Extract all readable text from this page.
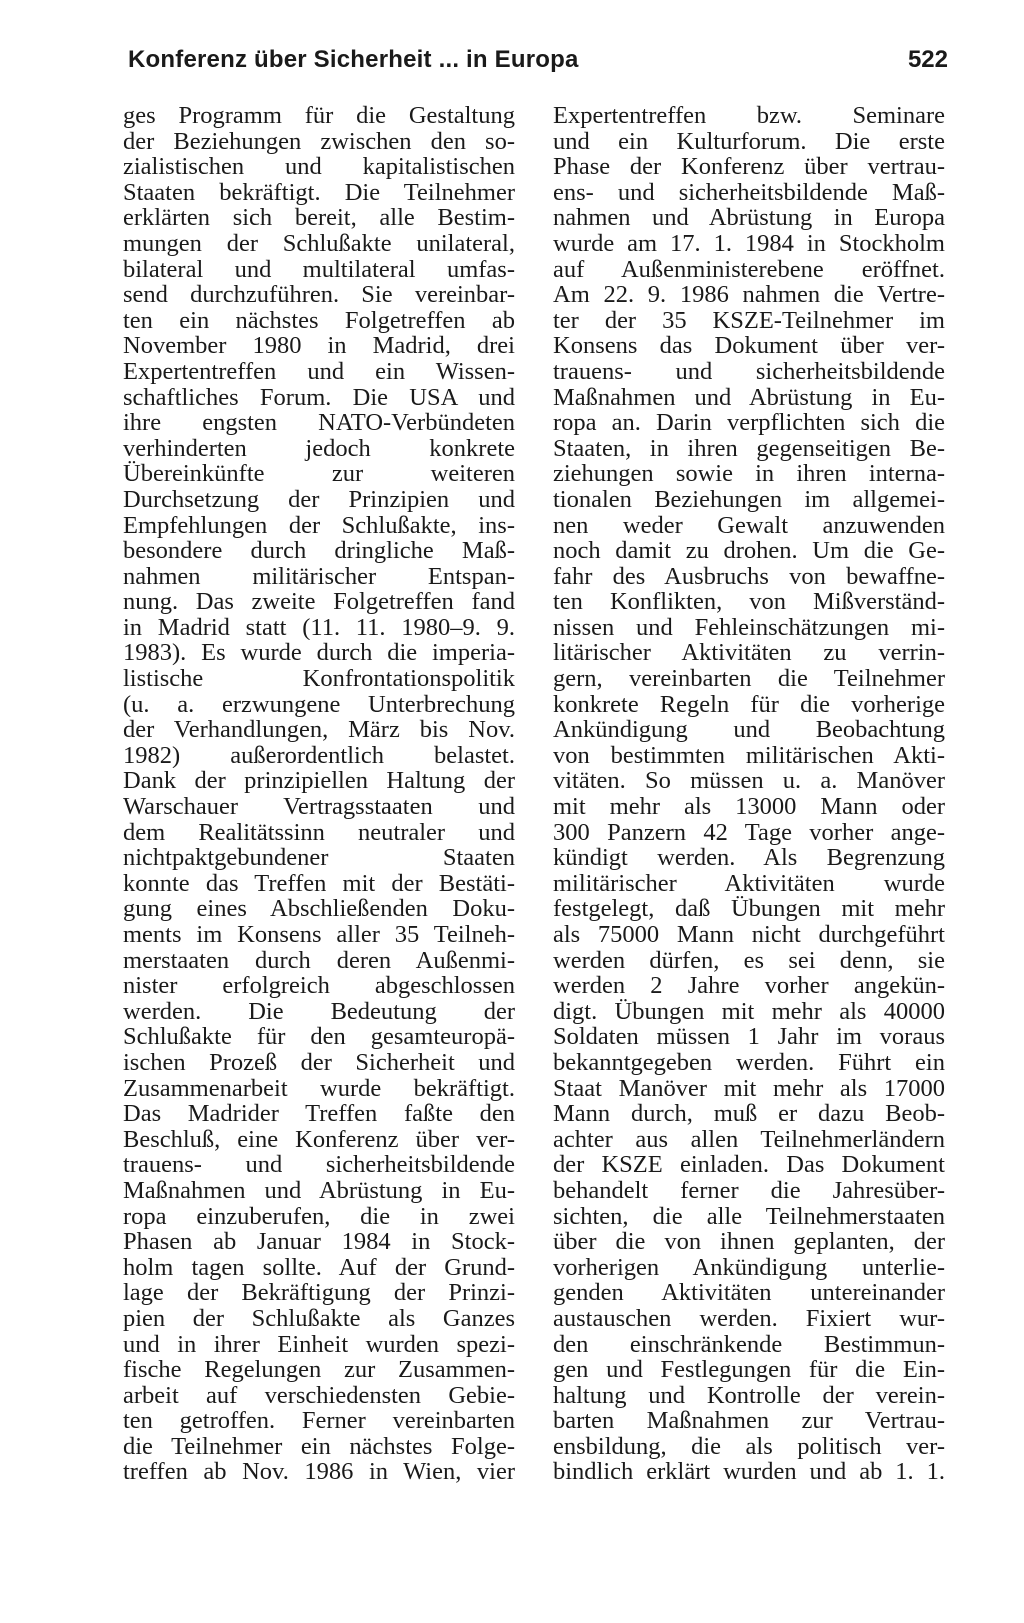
Konferenz über Sicherheit ... in Europa	522
ges Programm für die Gestaltung
der Beziehungen zwischen den so-
zialistischen und kapitalistischen
Staaten bekräftigt. Die Teilnehmer
erklärten sich bereit, alle Bestim-
mungen der Schlußakte unilateral,
bilateral und multilateral umfas-
send durchzuführen. Sie vereinbar-
ten ein nächstes Folgetreffen ab
November 1980 in Madrid, drei
Expertentreffen und ein Wissen-
schaftliches Forum. Die USA und
ihre engsten NATO-Verbündeten
verhinderten jedoch konkrete
Übereinkünfte zur weiteren
Durchsetzung der Prinzipien und
Empfehlungen der Schlußakte, ins-
besondere durch dringliche Maß-
nahmen militärischer Entspan-
nung. Das zweite Folgetreffen fand
in Madrid statt (11. 11. 1980–9. 9.
1983). Es wurde durch die imperia-
listische Konfrontationspolitik
(u. a. erzwungene Unterbrechung
der Verhandlungen, März bis Nov.
1982) außerordentlich belastet.
Dank der prinzipiellen Haltung der
Warschauer Vertragsstaaten und
dem Realitätssinn neutraler und
nichtpaktgebundener Staaten
konnte das Treffen mit der Bestäti-
gung eines Abschließenden Doku-
ments im Konsens aller 35 Teilneh-
merstaaten durch deren Außenmi-
nister erfolgreich abgeschlossen
werden. Die Bedeutung der
Schlußakte für den gesamteuropä-
ischen Prozeß der Sicherheit und
Zusammenarbeit wurde bekräftigt.
Das Madrider Treffen faßte den
Beschluß, eine Konferenz über ver-
trauens- und sicherheitsbildende
Maßnahmen und Abrüstung in Eu-
ropa einzuberufen, die in zwei
Phasen ab Januar 1984 in Stock-
holm tagen sollte. Auf der Grund-
lage der Bekräftigung der Prinzi-
pien der Schlußakte als Ganzes
und in ihrer Einheit wurden spezi-
fische Regelungen zur Zusammen-
arbeit auf verschiedensten Gebie-
ten getroffen. Ferner vereinbarten
die Teilnehmer ein nächstes Folge-
treffen ab Nov. 1986 in Wien, vier
Expertentreffen bzw. Seminare
und ein Kulturforum. Die erste
Phase der Konferenz über vertrau-
ens- und sicherheitsbildende Maß-
nahmen und Abrüstung in Europa
wurde am 17. 1. 1984 in Stockholm
auf Außenministerebene eröffnet.
Am 22. 9. 1986 nahmen die Vertre-
ter der 35 KSZE-Teilnehmer im
Konsens das Dokument über ver-
trauens- und sicherheitsbildende
Maßnahmen und Abrüstung in Eu-
ropa an. Darin verpflichten sich die
Staaten, in ihren gegenseitigen Be-
ziehungen sowie in ihren interna-
tionalen Beziehungen im allgemei-
nen weder Gewalt anzuwenden
noch damit zu drohen. Um die Ge-
fahr des Ausbruchs von bewaffne-
ten Konflikten, von Mißverständ-
nissen und Fehleinschätzungen mi-
litärischer Aktivitäten zu verrin-
gern, vereinbarten die Teilnehmer
konkrete Regeln für die vorherige
Ankündigung und Beobachtung
von bestimmten militärischen Akti-
vitäten. So müssen u. a. Manöver
mit mehr als 13000 Mann oder
300 Panzern 42 Tage vorher ange-
kündigt werden. Als Begrenzung
militärischer Aktivitäten wurde
festgelegt, daß Übungen mit mehr
als 75000 Mann nicht durchgeführt
werden dürfen, es sei denn, sie
werden 2 Jahre vorher angekün-
digt. Übungen mit mehr als 40000
Soldaten müssen 1 Jahr im voraus
bekanntgegeben werden. Führt ein
Staat Manöver mit mehr als 17000
Mann durch, muß er dazu Beob-
achter aus allen Teilnehmerländern
der KSZE einladen. Das Dokument
behandelt ferner die Jahresüber-
sichten, die alle Teilnehmerstaaten
über die von ihnen geplanten, der
vorherigen Ankündigung unterlie-
genden Aktivitäten untereinander
austauschen werden. Fixiert wur-
den einschränkende Bestimmun-
gen und Festlegungen für die Ein-
haltung und Kontrolle der verein-
barten Maßnahmen zur Vertrau-
ensbildung, die als politisch ver-
bindlich erklärt wurden und ab 1. 1.
